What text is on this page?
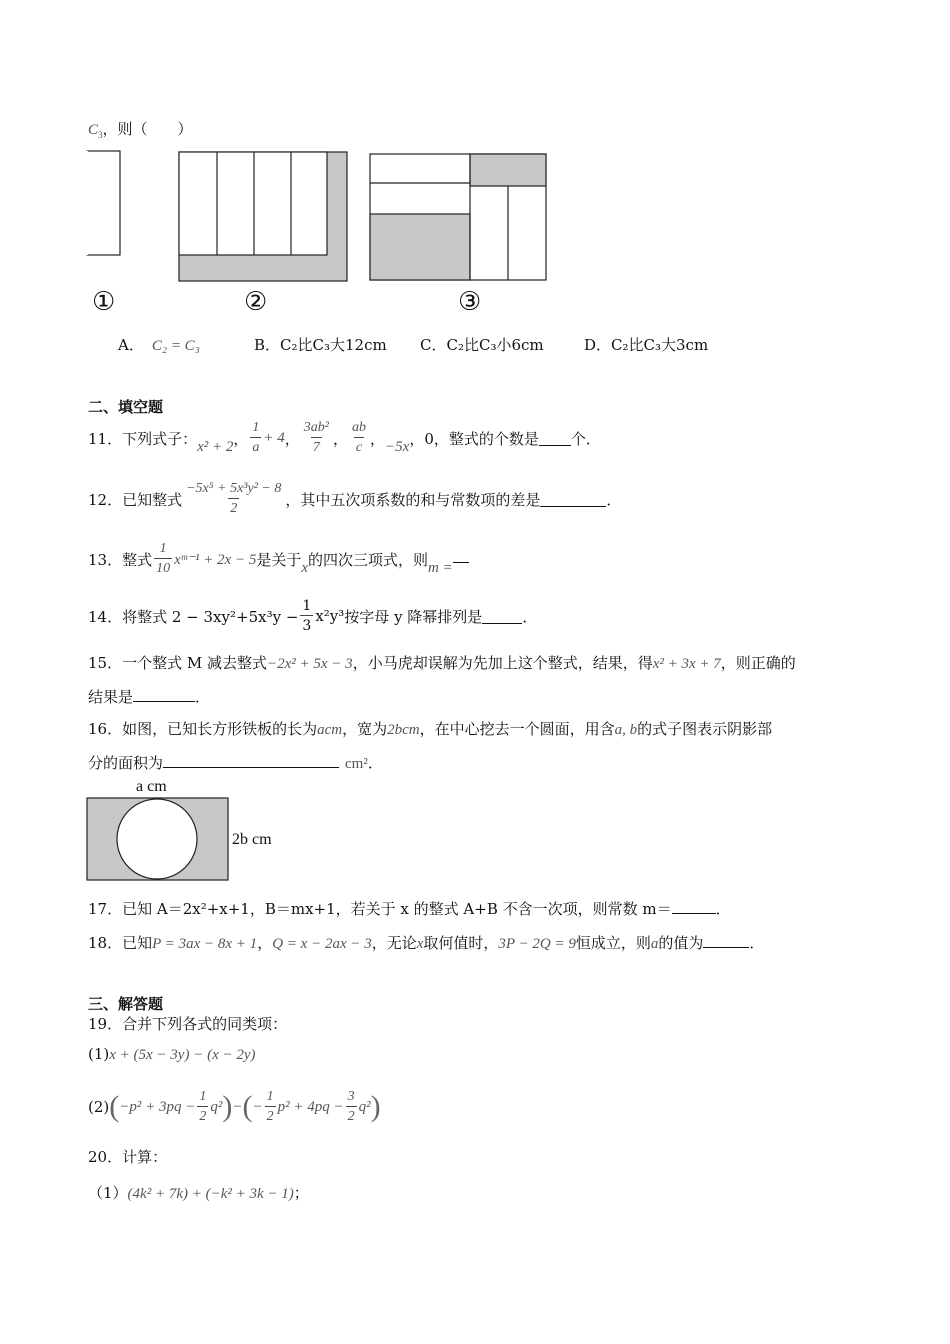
$C_3$，则（　　）
①	②	③
A． C₂ = C₃	B．C₂比C₃大12cm C．C₂比C₃小6cm	D．C₂比C₃大3cm
二、填空题
11． 下列式子： x² + 2 ， $\frac{1}{a} + 4$ ， $\frac{\text{3ab²}}{7}$ ， $\frac{ab}{c}$ ， −5x ，0，整式的个数是 个．
12． 已知整式 $\frac{\text{−5x⁵ + 5x³y² − 8}}{2}$ ，其中五次项系数的和与常数项的差是	．
13． 整式 $\frac{1}{10}$ xᵐ⁻¹ + 2x − 5 是关于 x 的四次三项式，则 m =
14． 将整式 $2 - 3xy^2+5x^3y - \frac{1}{3} x^2y^3$ 按字母 y 降幂排列是	．
15．一个整式 M 减去整式−2x² + 5x − 3，小马虎却误解为先加上这个整式，结果，得x² + 3x + 7，则正确的
结果是	．
16．如图，已知长方形铁板的长为acm，宽为2bcm，在中心挖去一个圆面，用含a, b的式子图表示阴影部
分的面积为	cm²．
a cm
2b cm
17．已知 A＝2x²+x+1，B＝mx+1，若关于 x 的整式 A+B 不含一次项，则常数 m＝	．
18．已知P = 3ax − 8x + 1，Q = x − 2ax − 3，无论x取何值时，3P − 2Q = 9恒成立，则a的值为	．
三、解答题
19．合并下列各式的同类项：
(1)x + (5x − 3y) − (x − 2y)
(2) ( $-p^2 + 3pq - \frac{1}{2} q^2$ ) − ( − $\frac{1}{2} p^2 + 4pq - \frac{3}{2} q^2$ )
20．计算：
（1）(4k² + 7k) + (−k² + 3k − 1)；
